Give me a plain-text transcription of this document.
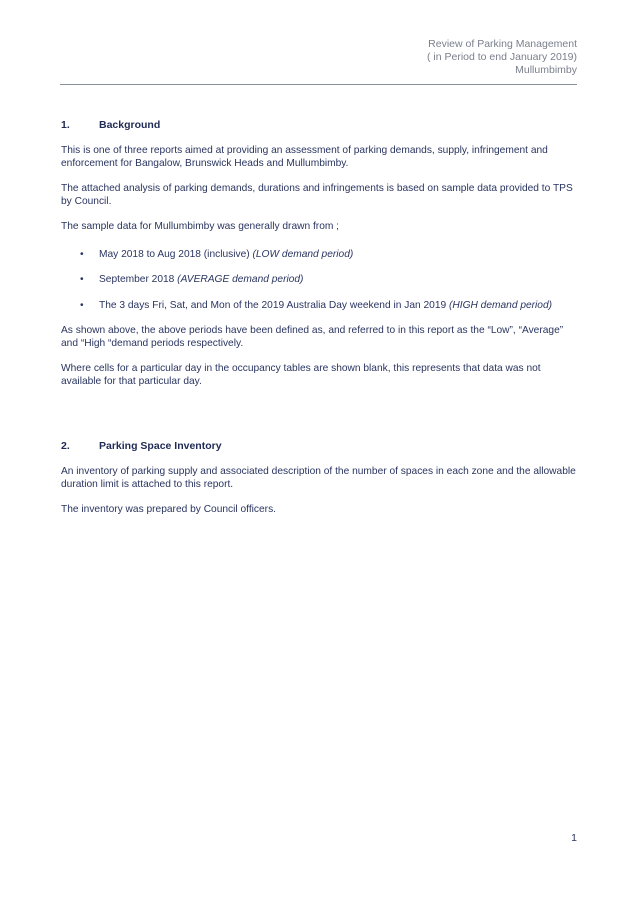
Review of Parking Management
( in Period to end January 2019)
Mullumbimby
1.	Background

This is one of three reports aimed at providing an assessment of parking demands, supply, infringement and enforcement for Bangalow, Brunswick Heads and Mullumbimby.

The attached analysis of parking demands, durations and infringements is based on sample data provided to TPS by Council.

The sample data for Mullumbimby was generally drawn from ;

• May 2018 to Aug 2018 (inclusive) (LOW demand period)
• September 2018 (AVERAGE demand period)
• The 3 days Fri, Sat, and Mon of the 2019 Australia Day weekend in Jan 2019 (HIGH demand period)

As shown above, the above periods have been defined as, and referred to in this report as the “Low”, “Average” and “High “demand periods respectively.

Where cells for a particular day in the occupancy tables are shown blank, this represents that data was not available for that particular day.

2.	Parking Space Inventory

An inventory of parking supply and associated description of the number of spaces in each zone and the allowable duration limit is attached to this report.

The inventory was prepared by Council officers.

1
